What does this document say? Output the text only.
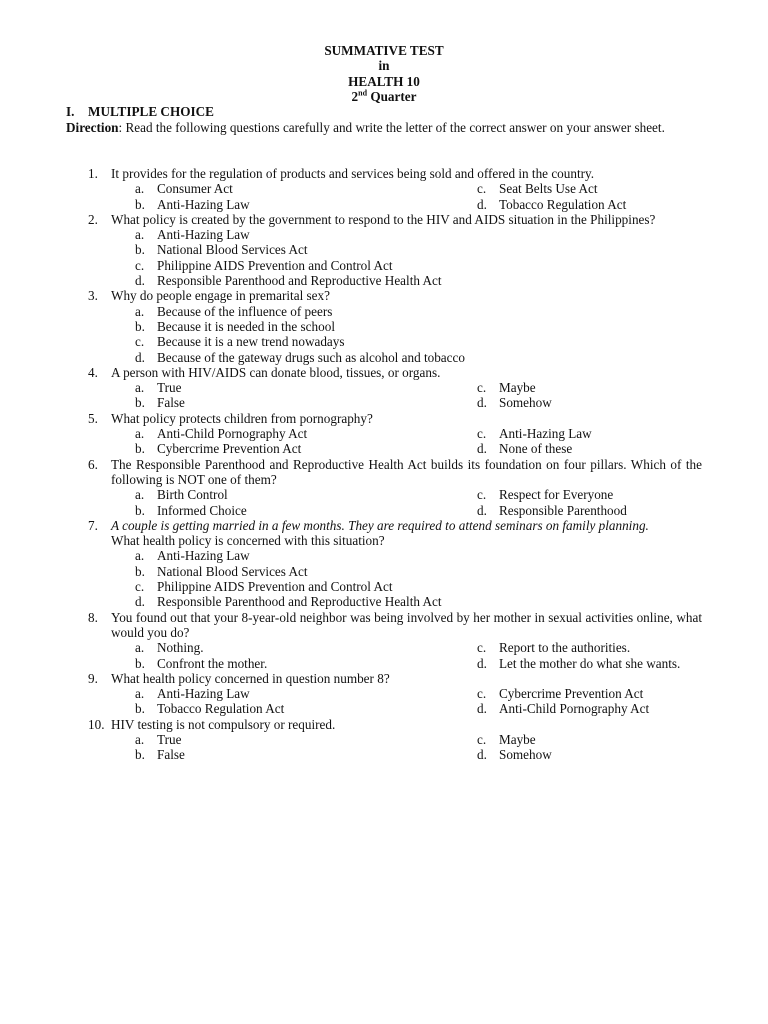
SUMMATIVE TEST
in
HEALTH 10
2nd Quarter
I. MULTIPLE CHOICE
Direction: Read the following questions carefully and write the letter of the correct answer on your answer sheet.
1. It provides for the regulation of products and services being sold and offered in the country.
a. Consumer Act	c. Seat Belts Use Act
b. Anti-Hazing Law	d. Tobacco Regulation Act
2. What policy is created by the government to respond to the HIV and AIDS situation in the Philippines?
a. Anti-Hazing Law
b. National Blood Services Act
c. Philippine AIDS Prevention and Control Act
d. Responsible Parenthood and Reproductive Health Act
3. Why do people engage in premarital sex?
a. Because of the influence of peers
b. Because it is needed in the school
c. Because it is a new trend nowadays
d. Because of the gateway drugs such as alcohol and tobacco
4. A person with HIV/AIDS can donate blood, tissues, or organs.
a. True	c. Maybe
b. False	d. Somehow
5. What policy protects children from pornography?
a. Anti-Child Pornography Act	c. Anti-Hazing Law
b. Cybercrime Prevention Act	d. None of these
6. The Responsible Parenthood and Reproductive Health Act builds its foundation on four pillars. Which of the following is NOT one of them?
a. Birth Control	c. Respect for Everyone
b. Informed Choice	d. Responsible Parenthood
7. A couple is getting married in a few months. They are required to attend seminars on family planning.
What health policy is concerned with this situation?
a. Anti-Hazing Law
b. National Blood Services Act
c. Philippine AIDS Prevention and Control Act
d. Responsible Parenthood and Reproductive Health Act
8. You found out that your 8-year-old neighbor was being involved by her mother in sexual activities online, what would you do?
a. Nothing.	c. Report to the authorities.
b. Confront the mother.	d. Let the mother do what she wants.
9. What health policy concerned in question number 8?
a. Anti-Hazing Law	c. Cybercrime Prevention Act
b. Tobacco Regulation Act	d. Anti-Child Pornography Act
10. HIV testing is not compulsory or required.
a. True	c. Maybe
b. False	d. Somehow
